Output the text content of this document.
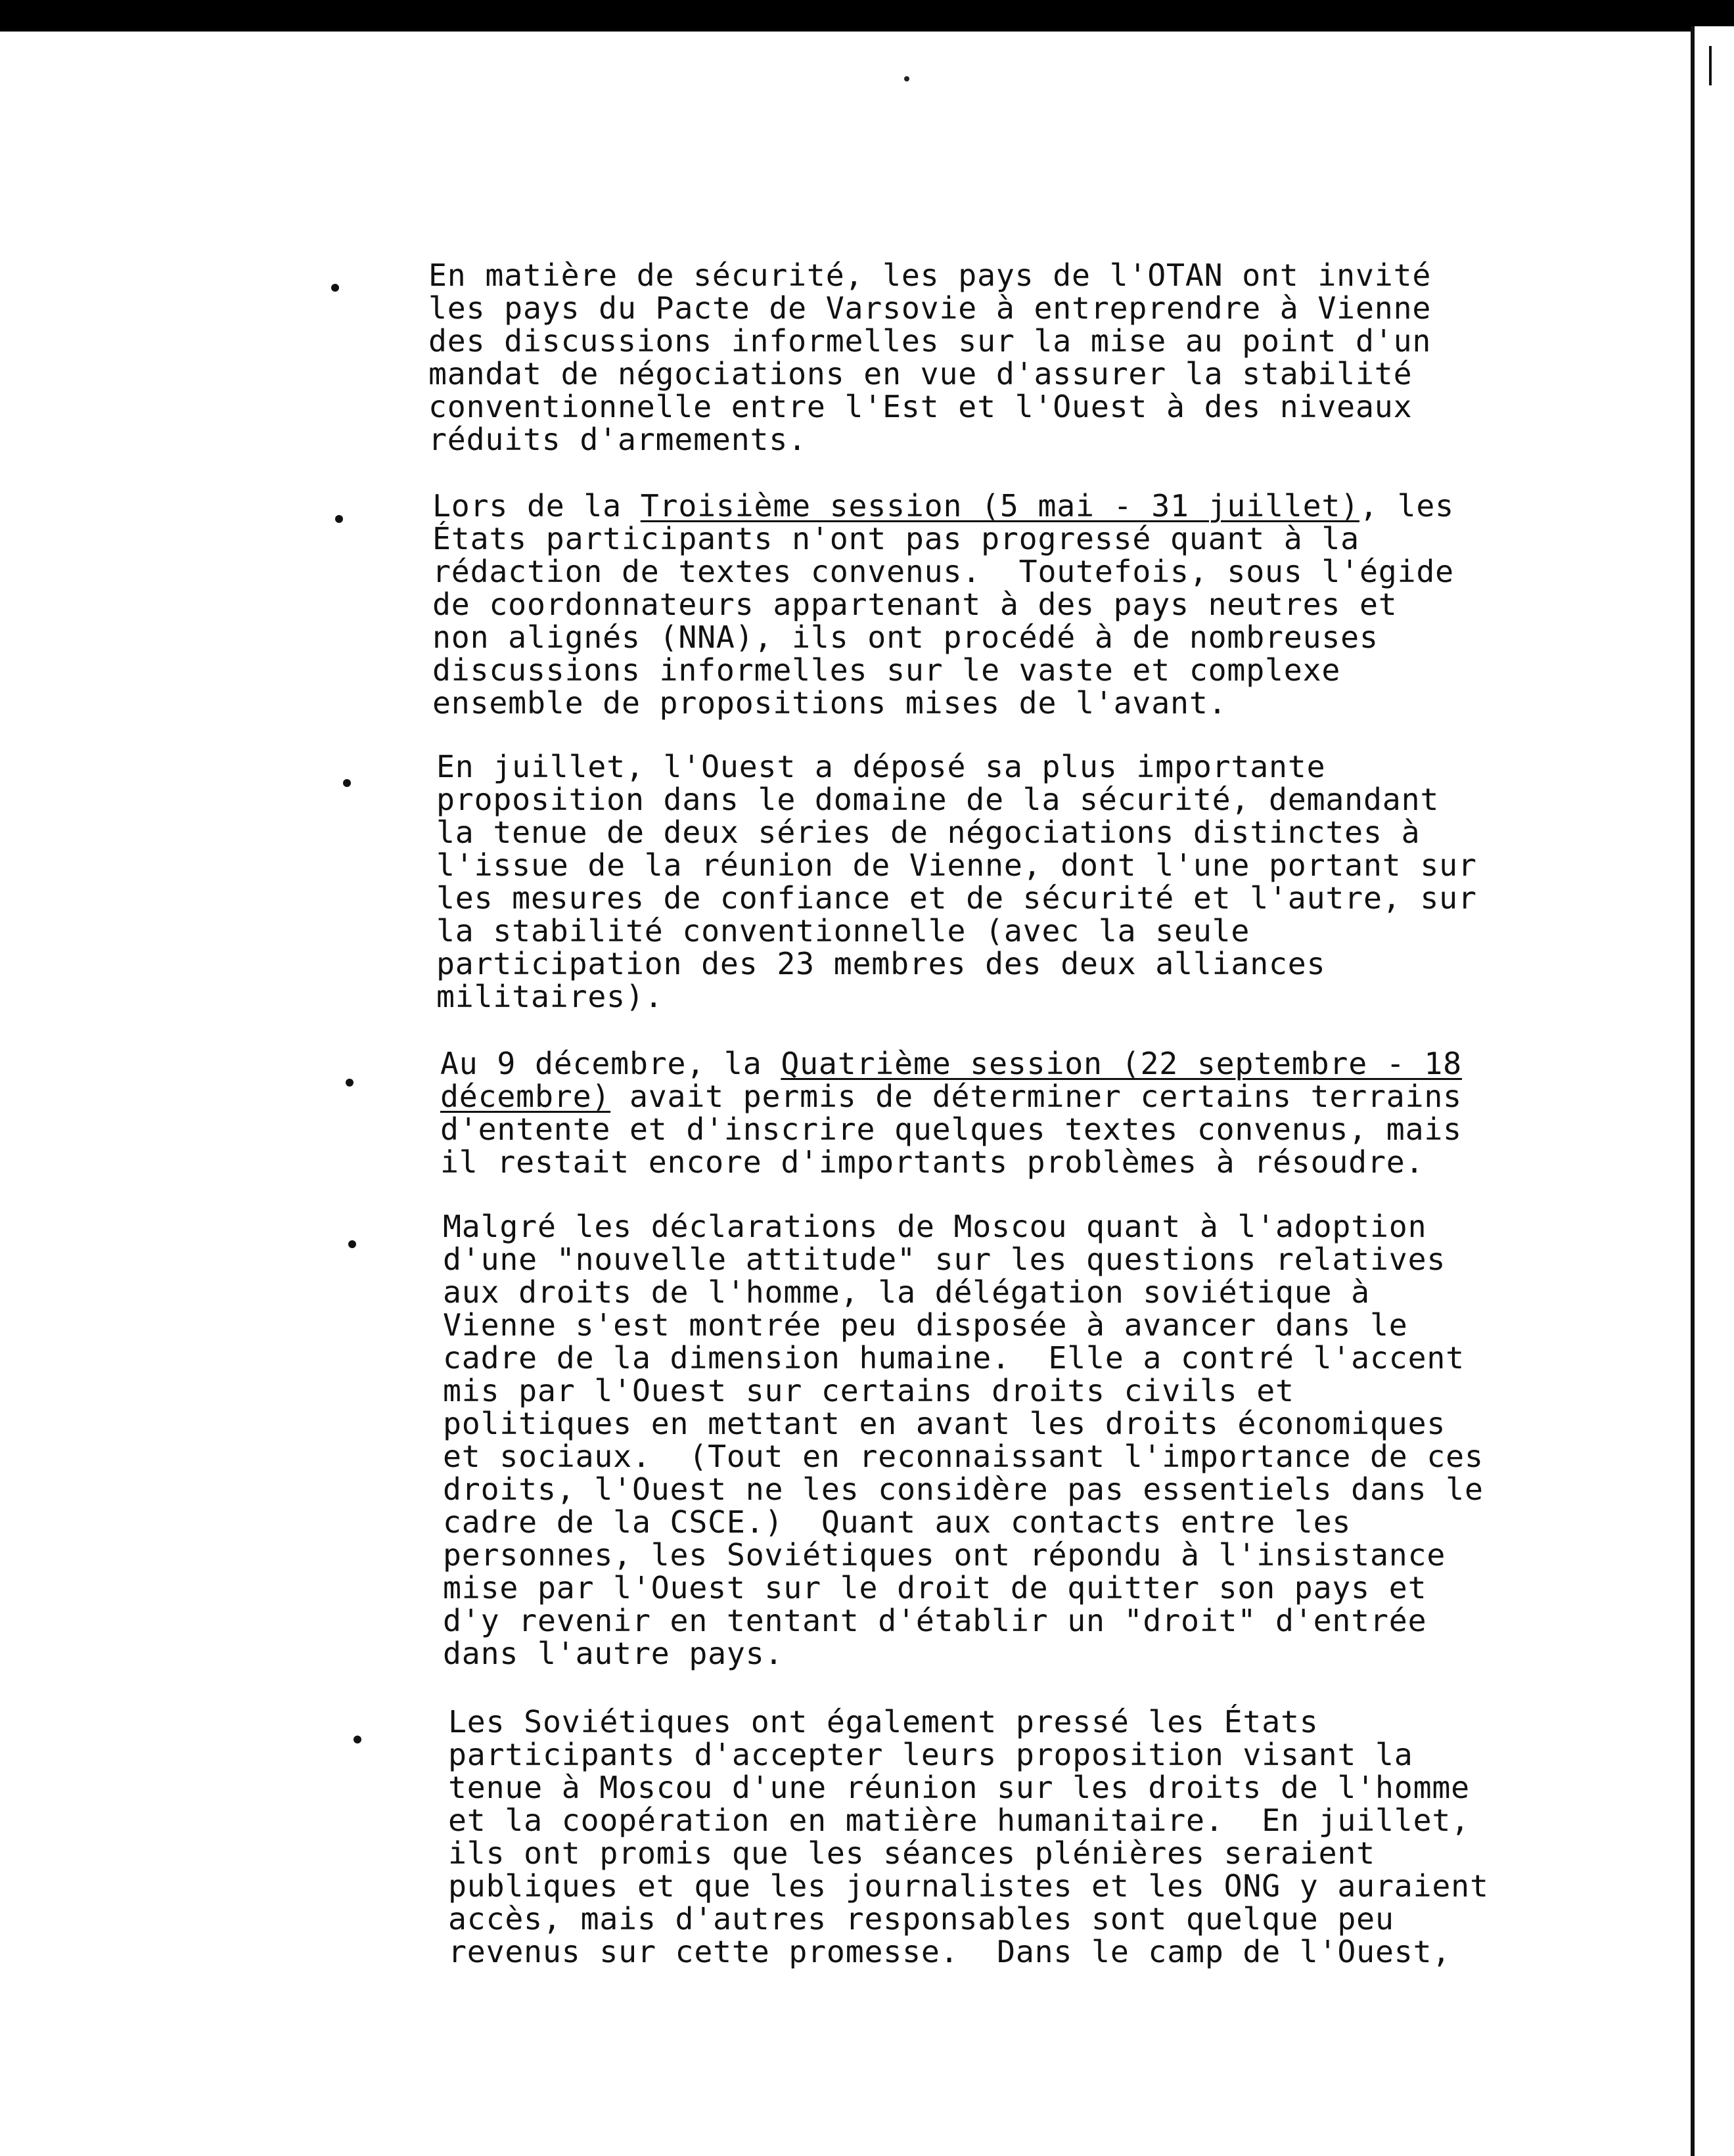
En matière de sécurité, les pays de l'OTAN ont invité
les pays du Pacte de Varsovie à entreprendre à Vienne
des discussions informelles sur la mise au point d'un
mandat de négociations en vue d'assurer la stabilité
conventionnelle entre l'Est et l'Ouest à des niveaux
réduits d'armements.
Lors de la Troisième session (5 mai - 31 juillet), les
États participants n'ont pas progressé quant à la
rédaction de textes convenus.  Toutefois, sous l'égide
de coordonnateurs appartenant à des pays neutres et
non alignés (NNA), ils ont procédé à de nombreuses
discussions informelles sur le vaste et complexe
ensemble de propositions mises de l'avant.
En juillet, l'Ouest a déposé sa plus importante
proposition dans le domaine de la sécurité, demandant
la tenue de deux séries de négociations distinctes à
l'issue de la réunion de Vienne, dont l'une portant sur
les mesures de confiance et de sécurité et l'autre, sur
la stabilité conventionnelle (avec la seule
participation des 23 membres des deux alliances
militaires).
Au 9 décembre, la Quatrième session (22 septembre - 18
décembre) avait permis de déterminer certains terrains
d'entente et d'inscrire quelques textes convenus, mais
il restait encore d'importants problèmes à résoudre.
Malgré les déclarations de Moscou quant à l'adoption
d'une "nouvelle attitude" sur les questions relatives
aux droits de l'homme, la délégation soviétique à
Vienne s'est montrée peu disposée à avancer dans le
cadre de la dimension humaine.  Elle a contré l'accent
mis par l'Ouest sur certains droits civils et
politiques en mettant en avant les droits économiques
et sociaux.  (Tout en reconnaissant l'importance de ces
droits, l'Ouest ne les considère pas essentiels dans le
cadre de la CSCE.)  Quant aux contacts entre les
personnes, les Soviétiques ont répondu à l'insistance
mise par l'Ouest sur le droit de quitter son pays et
d'y revenir en tentant d'établir un "droit" d'entrée
dans l'autre pays.
Les Soviétiques ont également pressé les États
participants d'accepter leurs proposition visant la
tenue à Moscou d'une réunion sur les droits de l'homme
et la coopération en matière humanitaire.  En juillet,
ils ont promis que les séances plénières seraient
publiques et que les journalistes et les ONG y auraient
accès, mais d'autres responsables sont quelque peu
revenus sur cette promesse.  Dans le camp de l'Ouest,
